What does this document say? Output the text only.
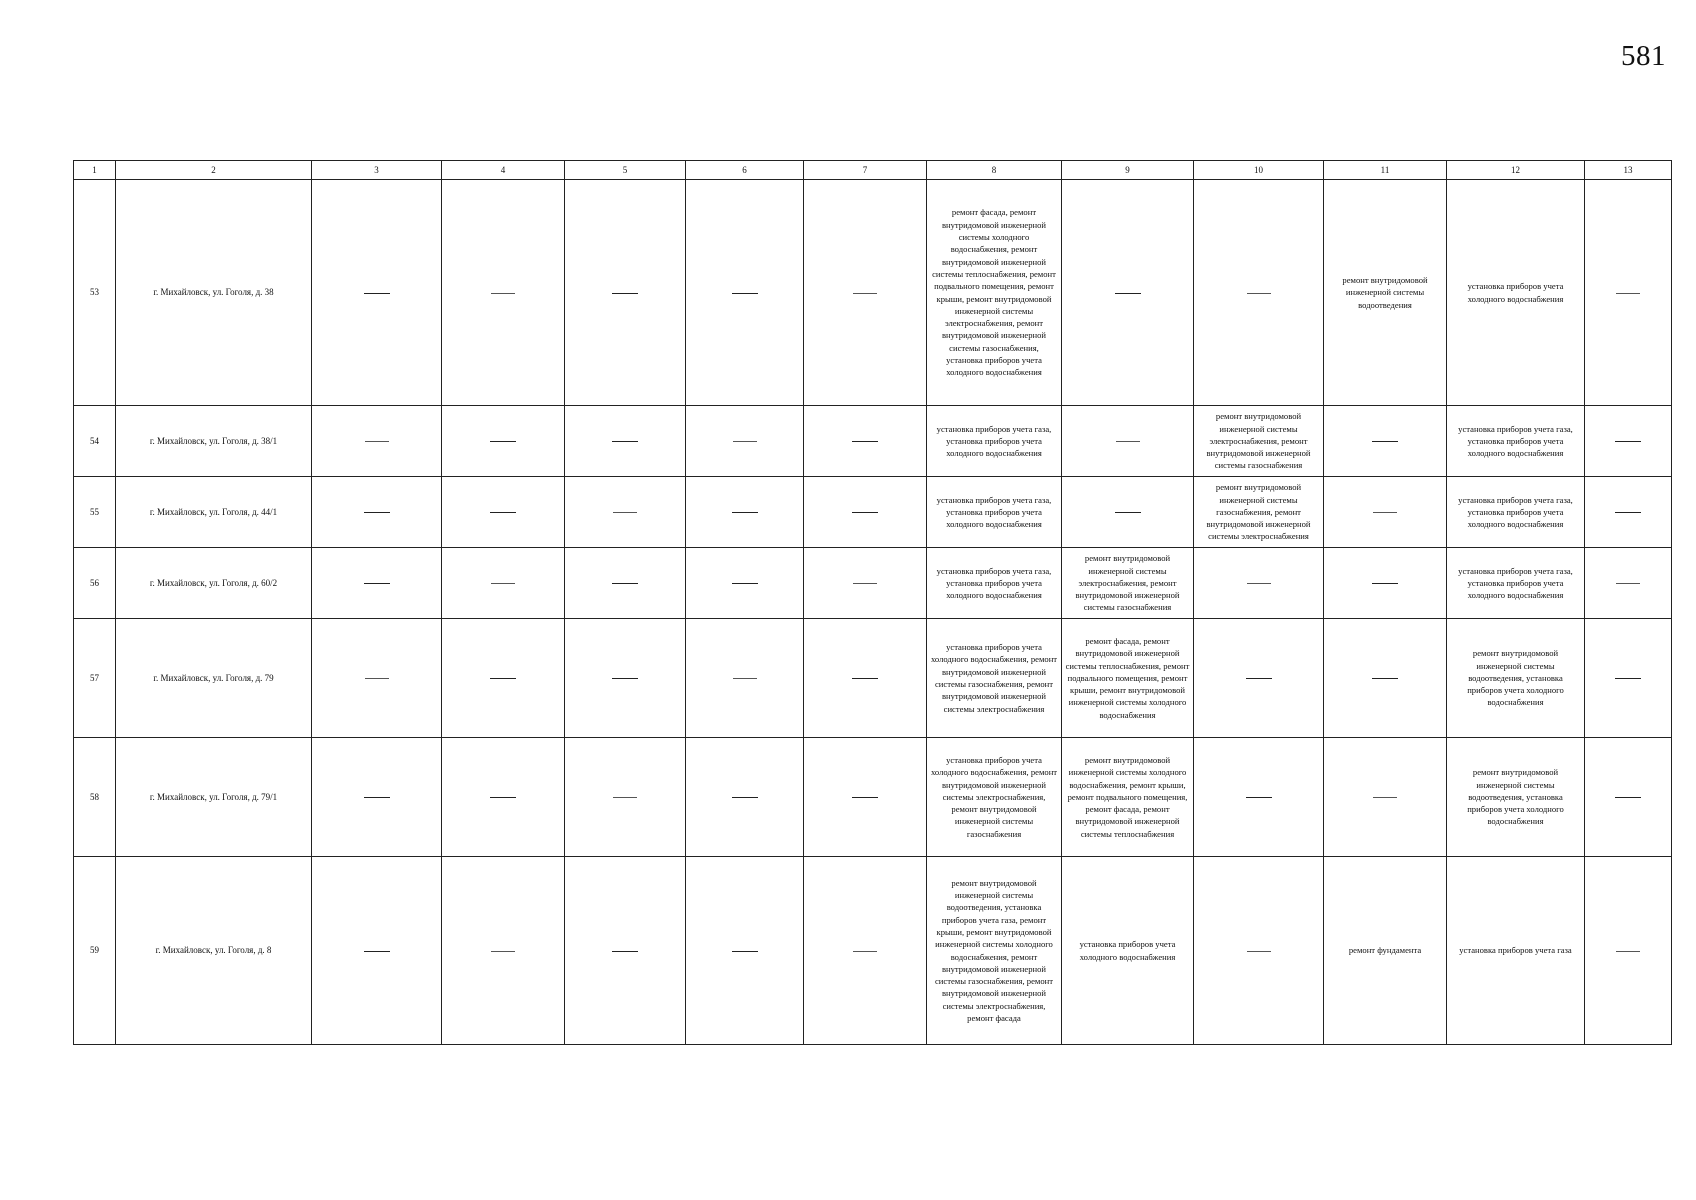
581
1	2	3	4	5	6	7	8	9	10	11	12	13
53	г. Михайловск, ул. Гоголя, д. 38						ремонт фасада, ремонт внутридомовой инженерной системы холодного водоснабжения, ремонт внутридомовой инженерной системы теплоснабжения, ремонт подвального помещения, ремонт крыши, ремонт внутридомовой инженерной системы электроснабжения, ремонт внутридомовой инженерной системы газоснабжения, установка приборов учета холодного водоснабжения			ремонт внутридомовой инженерной системы водоотведения	установка приборов учета холодного водоснабжения	
54	г. Михайловск, ул. Гоголя, д. 38/1						установка приборов учета газа, установка приборов учета холодного водоснабжения		ремонт внутридомовой инженерной системы электроснабжения, ремонт внутридомовой инженерной системы газоснабжения		установка приборов учета газа, установка приборов учета холодного водоснабжения	
55	г. Михайловск, ул. Гоголя, д. 44/1						установка приборов учета газа, установка приборов учета холодного водоснабжения		ремонт внутридомовой инженерной системы газоснабжения, ремонт внутридомовой инженерной системы электроснабжения		установка приборов учета газа, установка приборов учета холодного водоснабжения	
56	г. Михайловск, ул. Гоголя, д. 60/2						установка приборов учета газа, установка приборов учета холодного водоснабжения	ремонт внутридомовой инженерной системы электроснабжения, ремонт внутридомовой инженерной системы газоснабжения			установка приборов учета газа, установка приборов учета холодного водоснабжения	
57	г. Михайловск, ул. Гоголя, д. 79						установка приборов учета холодного водоснабжения, ремонт внутридомовой инженерной системы газоснабжения, ремонт внутридомовой инженерной системы электроснабжения	ремонт фасада, ремонт внутридомовой инженерной системы теплоснабжения, ремонт подвального помещения, ремонт крыши, ремонт внутридомовой инженерной системы холодного водоснабжения			ремонт внутридомовой инженерной системы водоотведения, установка приборов учета холодного водоснабжения	
58	г. Михайловск, ул. Гоголя, д. 79/1						установка приборов учета холодного водоснабжения, ремонт внутридомовой инженерной системы электроснабжения, ремонт внутридомовой инженерной системы газоснабжения	ремонт внутридомовой инженерной системы холодного водоснабжения, ремонт крыши, ремонт подвального помещения, ремонт фасада, ремонт внутридомовой инженерной системы теплоснабжения			ремонт внутридомовой инженерной системы водоотведения, установка приборов учета холодного водоснабжения	
59	г. Михайловск, ул. Гоголя, д. 8						ремонт внутридомовой инженерной системы водоотведения, установка приборов учета газа, ремонт крыши, ремонт внутридомовой инженерной системы холодного водоснабжения, ремонт внутридомовой инженерной системы газоснабжения, ремонт внутридомовой инженерной системы электроснабжения, ремонт фасада	установка приборов учета холодного водоснабжения		ремонт фундамента	установка приборов учета газа	
